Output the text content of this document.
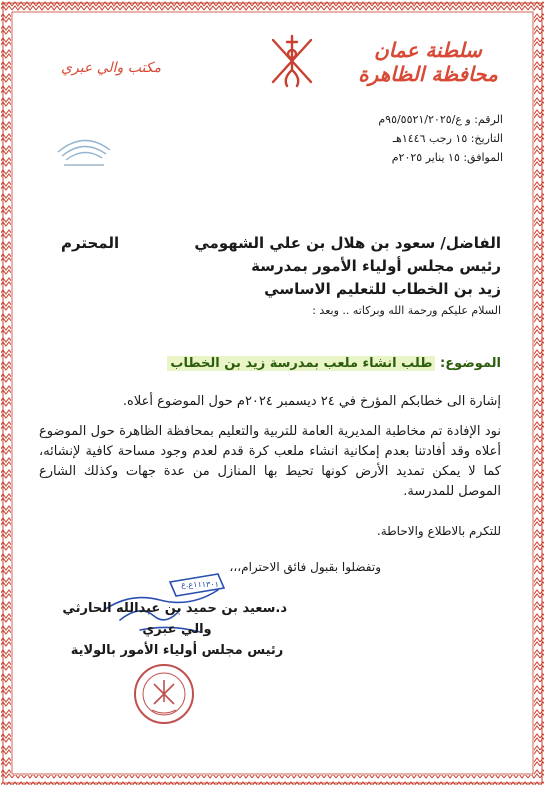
سلطنة عمان
محافظة الظاهرة
مكتب والي عبري
الرقم: و ع/٩٥/٥٥٢١/٢٠٢٥م
التاريخ: ١٥ رجب ١٤٤٦هـ
الموافق: ١٥ يناير ٢٠٢٥م
الفاضل/ سعود بن هلال بن علي الشهومي
المحترم
رئيس مجلس أولياء الأمور بمدرسة
زيد بن الخطاب للتعليم الاساسي
السلام عليكم ورحمة الله وبركاته .. وبعد :
الموضوع: طلب انشاء ملعب بمدرسة زيد بن الخطاب
إشارة الى خطابكم المؤرخ في ٢٤ ديسمبر ٢٠٢٤م حول الموضوع أعلاه.
نود الإفادة تم مخاطبة المديرية العامة للتربية والتعليم بمحافظة الظاهرة حول الموضوع أعلاه وقد أفادتنا بعدم إمكانية انشاء ملعب كرة قدم لعدم وجود مساحة كافية لإنشائه، كما لا يمكن تمديد الأرض كونها تحيط بها المنازل من عدة جهات وكذلك الشارع الموصل للمدرسة.
للتكرم بالاطلاع والاحاطة.
وتفضلوا بقبول فائق الاحترام،،،
١١١٣٠١ع.ع
د.سعيد بن حميد بن عبدالله الحارثي
والي عبري
رئيس مجلس أولياء الأمور بالولاية
